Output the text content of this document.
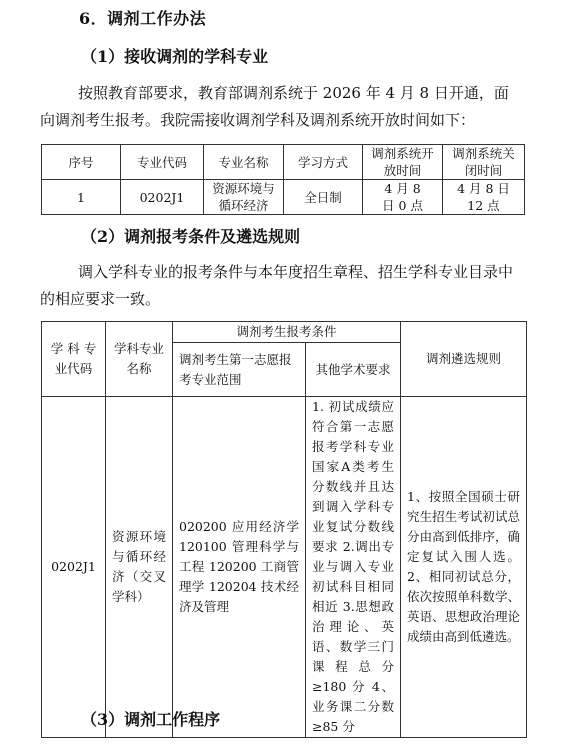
6．调剂工作办法
（1）接收调剂的学科专业
按照教育部要求，教育部调剂系统于 2026 年 4 月 8 日开通，面向调剂考生报考。我院需接收调剂学科及调剂系统开放时间如下：
序号	专业代码	专业名称	学习方式	调剂系统开放时间	调剂系统关闭时间
1	0202J1	资源环境与循环经济	全日制	4 月 8 日 0 点	4 月 8 日 12 点
（2）调剂报考条件及遴选规则
调入学科专业的报考条件与本年度招生章程、招生学科专业目录中的相应要求一致。
学 科 专 业代码	学科专业名称	调剂考生报考条件		调剂遴选规则
		调剂考生第一志愿报考专业范围	其他学术要求	
0202J1	资源环境与循环经济（交叉学科）	020200 应用经济学 120100 管理科学与工程 120200 工商管理学 120204 技术经济及管理	1. 初试成绩应符合第一志愿报考学科专业国家A类考生分数线并且达到调入学科专业复试分数线要求 2.调出专业与调入专业初试科目相同相近 3.思想政治理论、英语、数学三门课程总分≥180 分 4、业务课二分数≥85 分	1、按照全国硕士研究生招生考试初试总分由高到低排序，确定复试入围人选。 2、相同初试总分，依次按照单科数学、英语、思想政治理论成绩由高到低遴选。
（3）调剂工作程序
